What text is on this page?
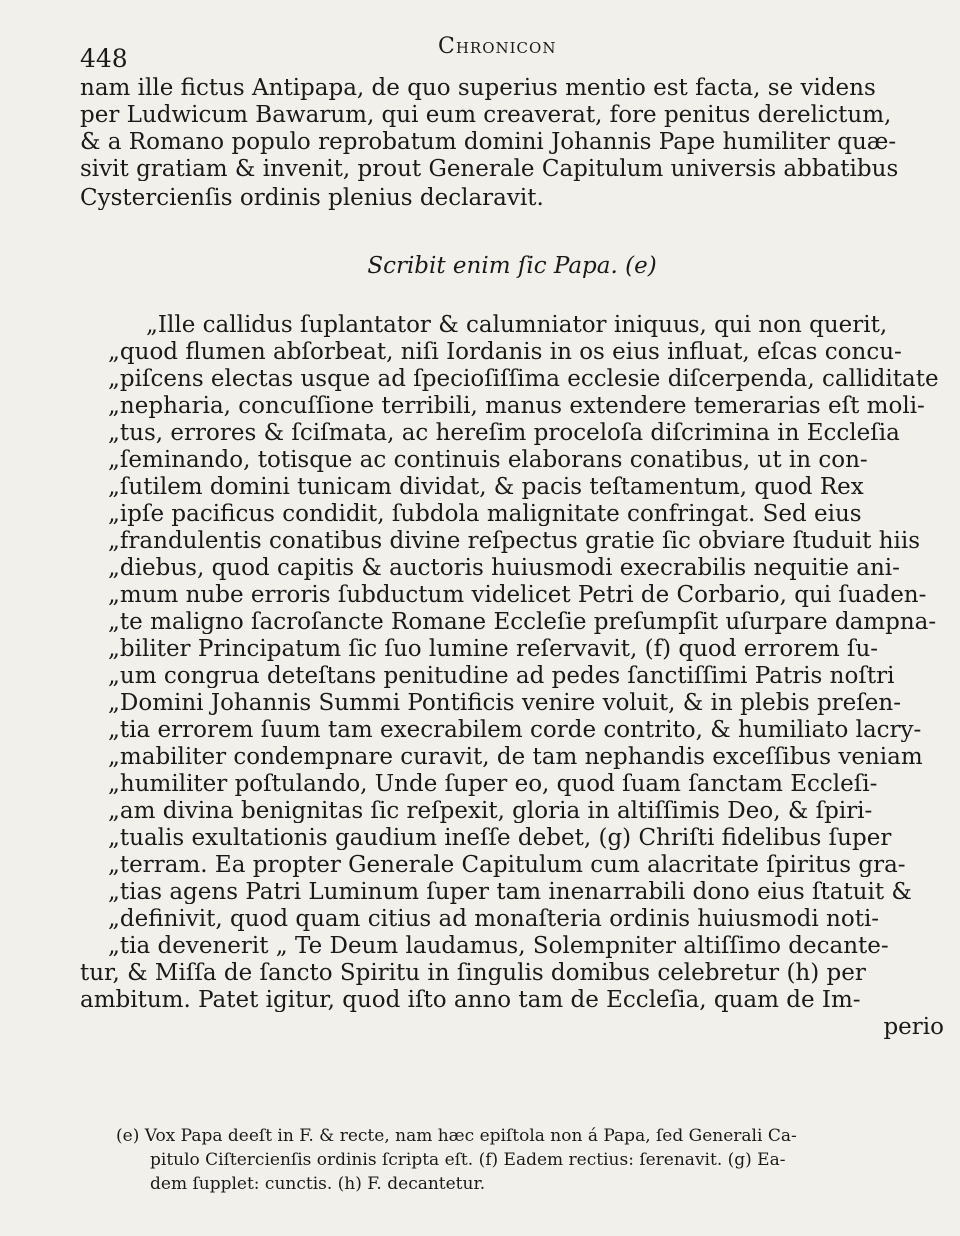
448	Chronicon
nam ille fictus Antipapa, de quo superius mentio est facta, se videns
per Ludwicum Bawarum, qui eum creaverat, fore penitus derelictum,
& a Romano populo reprobatum domini Johannis Pape humiliter quæ-
sivit gratiam & invenit, prout Generale Capitulum universis abbatibus
Cystercienſis ordinis plenius declaravit.
Scribit enim ſic Papa. (e)
„Ille callidus ſuplantator & calumniator iniquus, qui non querit,
„quod flumen abſorbeat, niſi Iordanis in os eius influat, eſcas concu-
„piſcens electas usque ad ſpecioſiſſima ecclesie diſcerpenda, calliditate
„nepharia, concuſſione terribili, manus extendere temerarias eſt moli-
„tus, errores & ſciſmata, ac hereſim proceloſa diſcrimina in Eccleſia
„ſeminando, totisque ac continuis elaborans conatibus, ut in con-
„ſutilem domini tunicam dividat, & pacis teſtamentum, quod Rex
„ipſe pacificus condidit, ſubdola malignitate confringat. Sed eius
„frandulentis conatibus divine reſpectus gratie ſic obviare ſtuduit hiis
„diebus, quod capitis & auctoris huiusmodi execrabilis nequitie ani-
„mum nube erroris ſubductum videlicet Petri de Corbario, qui ſuaden-
„te maligno ſacroſancte Romane Eccleſie preſumpſit uſurpare dampna-
„biliter Principatum ſic ſuo lumine reſervavit, (f) quod errorem ſu-
„um congrua deteſtans penitudine ad pedes ſanctiſſimi Patris noſtri
„Domini Johannis Summi Pontificis venire voluit, & in plebis preſen-
„tia errorem ſuum tam execrabilem corde contrito, & humiliato lacry-
„mabiliter condempnare curavit, de tam nephandis exceſſibus veniam
„humiliter poſtulando, Unde ſuper eo, quod ſuam ſanctam Eccleſi-
„am divina benignitas ſic reſpexit, gloria in altiſſimis Deo, & ſpiri-
„tualis exultationis gaudium ineſſe debet, (g) Chriſti fidelibus ſuper
„terram. Ea propter Generale Capitulum cum alacritate ſpiritus gra-
„tias agens Patri Luminum ſuper tam inenarrabili dono eius ſtatuit &
„definivit, quod quam citius ad monaſteria ordinis huiusmodi noti-
„tia devenerit „ Te Deum laudamus, Solempniter altiſſimo decante-
tur, & Miſſa de ſancto Spiritu in ſingulis domibus celebretur (h) per
ambitum. Patet igitur, quod iſto anno tam de Eccleſia, quam de Im-
perio
(e) Vox Papa deeſt in F. & recte, nam hæc epiſtola non á Papa, ſed Generali Ca-
pitulo Ciſtercienſis ordinis ſcripta eſt. (f) Eadem rectius: ſerenavit. (g) Ea-
dem ſupplet: cunctis. (h) F. decantetur.
